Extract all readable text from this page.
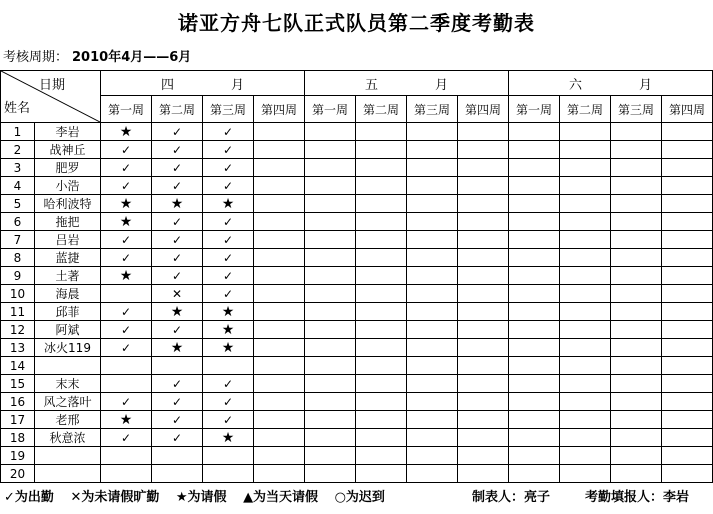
诺亚方舟七队正式队员第二季度考勤表
考核周期： 2010年4月——6月
日期
姓名		四　月				五　月				六　月			
		第一周	第二周	第三周	第四周	第一周	第二周	第三周	第四周	第一周	第二周	第三周	第四周
1	李岩	★	✓	✓									
2	战神丘	✓	✓	✓									
3	肥罗	✓	✓	✓									
4	小浩	✓	✓	✓									
5	哈利波特	★	★	★									
6	拖把	★	✓	✓									
7	吕岩	✓	✓	✓									
8	蓝捷	✓	✓	✓									
9	土著	★	✓	✓									
10	海晨		✕	✓									
11	邱菲	✓	★	★									
12	阿斌	✓	✓	★									
13	冰火119	✓	★	★									
14													
15	末末		✓	✓									
16	风之落叶	✓	✓	✓									
17	老邢	★	✓	✓									
18	秋意浓	✓	✓	★									
19													
20													
✓为出勤 ✕为未请假旷勤 ★为请假 ▲为当天请假 ○为迟到	制表人：亮子	考勤填报人：李岩
